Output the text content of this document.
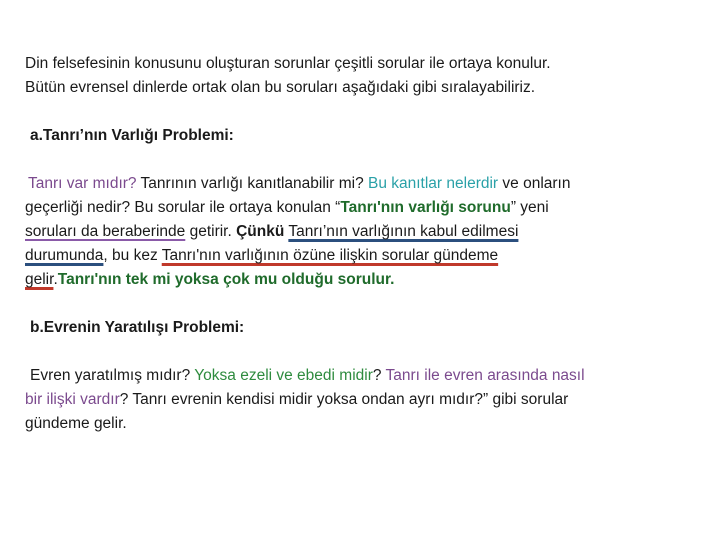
Din felsefesinin konusunu oluşturan sorunlar çeşitli sorular ile ortaya konulur.
Bütün evrensel dinlerde ortak olan bu soruları aşağıdaki gibi sıralayabiliriz.
a.Tanrı’nın Varlığı Problemi:
Tanrı var mıdır? Tanrının varlığı kanıtlanabilir mi? Bu kanıtlar nelerdir ve onların
geçerliği nedir? Bu sorular ile ortaya konulan “Tanrı'nın varlığı sorunu” yeni
soruları da beraberinde getirir. Çünkü Tanrı’nın varlığının kabul edilmesi
durumunda, bu kez Tanrı'nın varlığının özüne ilişkin sorular gündeme
gelir.Tanrı'nın tek mi yoksa çok mu olduğu sorulur.
b.Evrenin Yaratılışı Problemi:
Evren yaratılmış mıdır? Yoksa ezeli ve ebedi midir? Tanrı ile evren arasında nasıl
bir ilişki vardır? Tanrı evrenin kendisi midir yoksa ondan ayrı mıdır?” gibi sorular
gündeme gelir.
